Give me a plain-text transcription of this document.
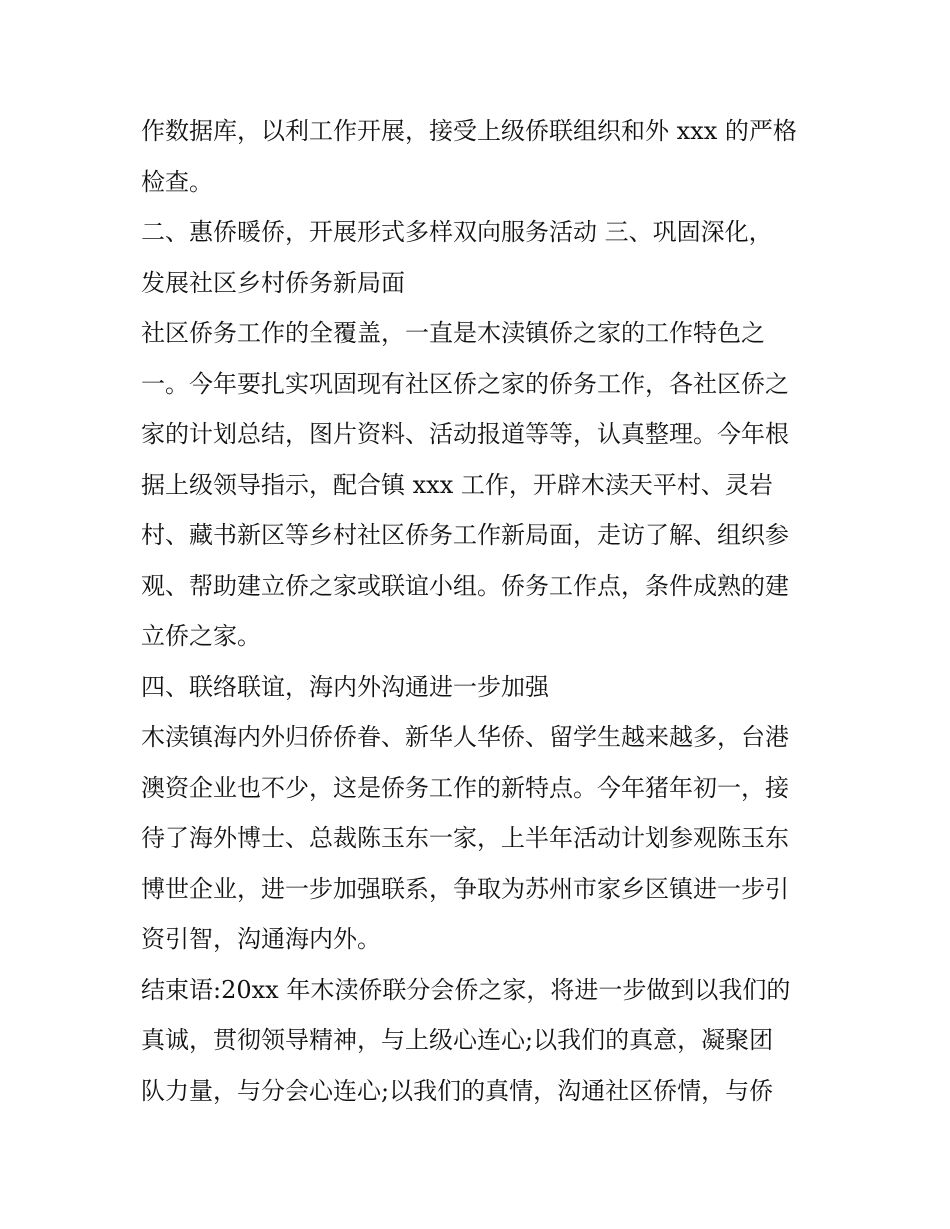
作数据库，以利工作开展，接受上级侨联组织和外 xxx 的严格
检查。
二、惠侨暖侨，开展形式多样双向服务活动 三、巩固深化，
发展社区乡村侨务新局面
社区侨务工作的全覆盖，一直是木渎镇侨之家的工作特色之
一。今年要扎实巩固现有社区侨之家的侨务工作，各社区侨之
家的计划总结，图片资料、活动报道等等，认真整理。今年根
据上级领导指示，配合镇 xxx 工作，开辟木渎天平村、灵岩
村、藏书新区等乡村社区侨务工作新局面，走访了解、组织参
观、帮助建立侨之家或联谊小组。侨务工作点，条件成熟的建
立侨之家。
四、联络联谊，海内外沟通进一步加强
木渎镇海内外归侨侨眷、新华人华侨、留学生越来越多，台港
澳资企业也不少，这是侨务工作的新特点。今年猪年初一，接
待了海外博士、总裁陈玉东一家，上半年活动计划参观陈玉东
博世企业，进一步加强联系，争取为苏州市家乡区镇进一步引
资引智，沟通海内外。
结束语:20xx 年木渎侨联分会侨之家，将进一步做到以我们的
真诚，贯彻领导精神，与上级心连心;以我们的真意，凝聚团
队力量，与分会心连心;以我们的真情，沟通社区侨情，与侨
